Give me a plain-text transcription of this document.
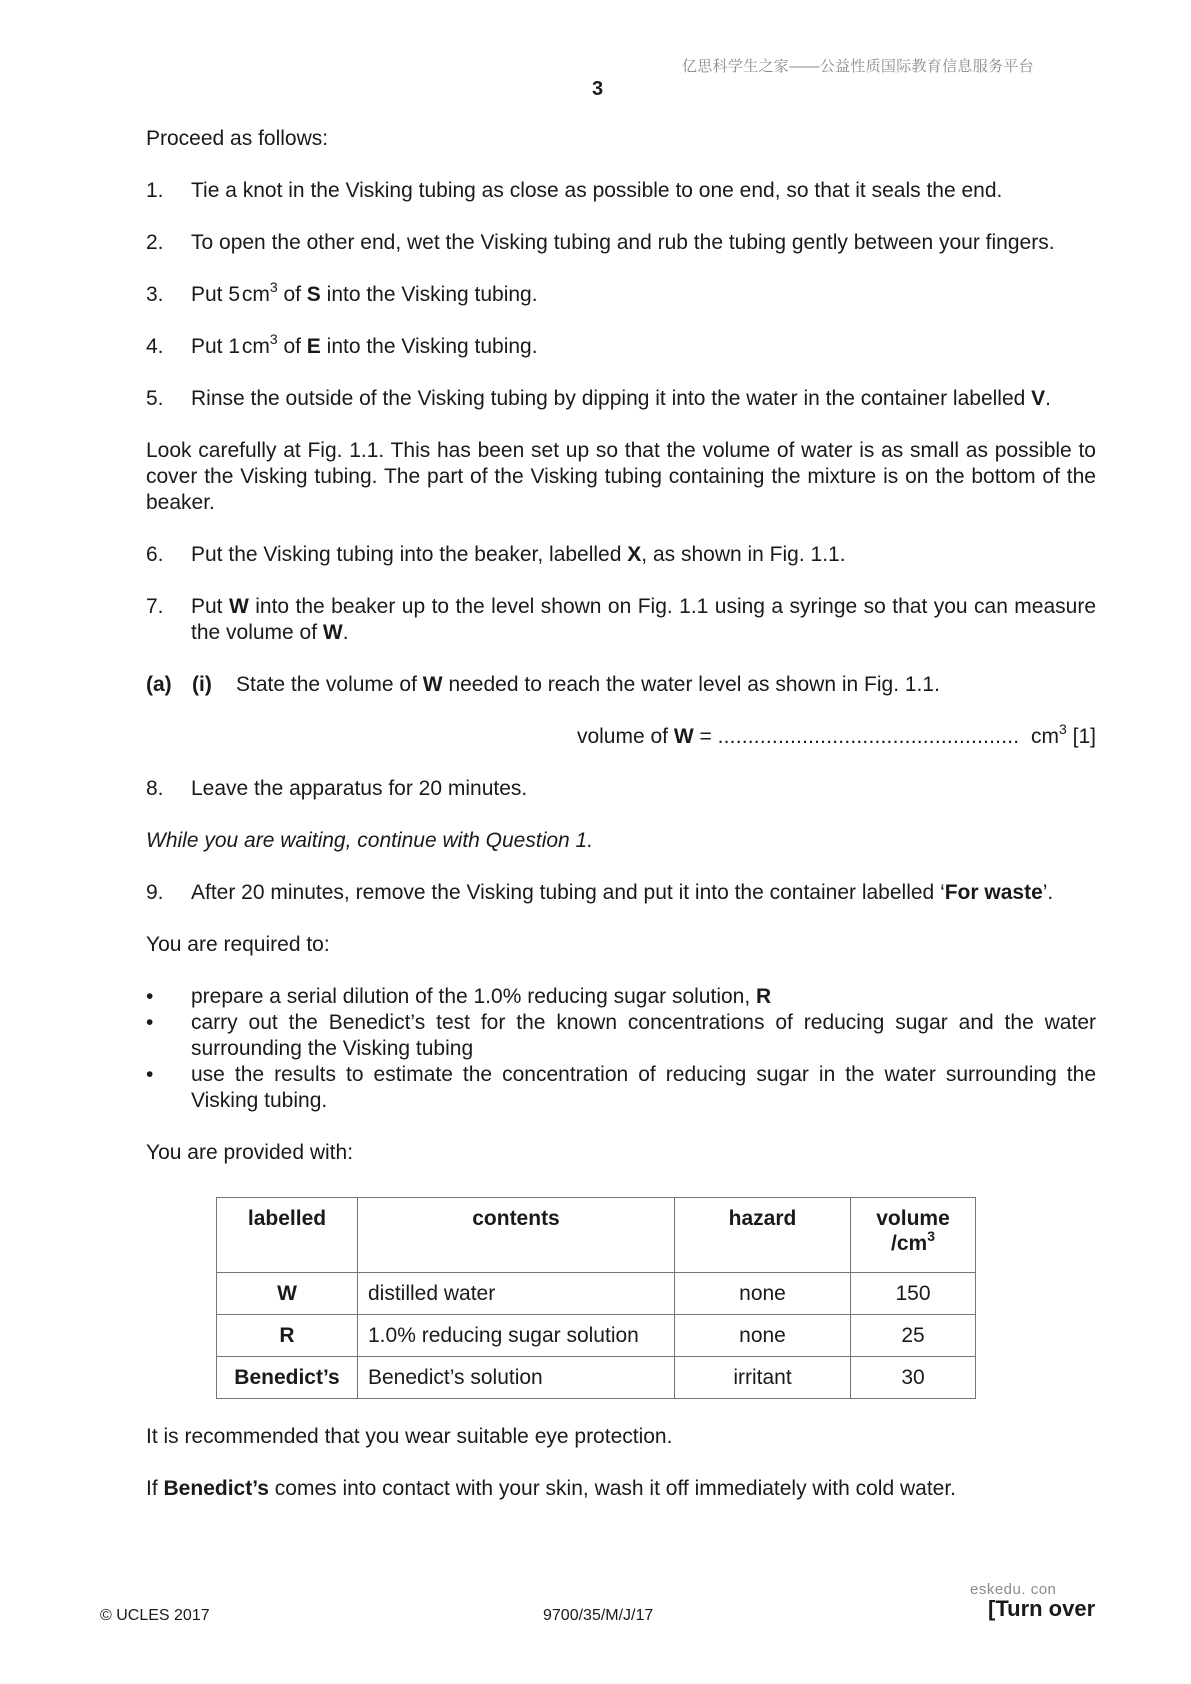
亿思科学生之家——公益性质国际教育信息服务平台
3
Proceed as follows:
1.	Tie a knot in the Visking tubing as close as possible to one end, so that it seals the end.
2.	To open the other end, wet the Visking tubing and rub the tubing gently between your fingers.
3.	Put 5 $cm^3$ of S into the Visking tubing.
4.	Put 1 $cm^3$ of E into the Visking tubing.
5.	Rinse the outside of the Visking tubing by dipping it into the water in the container labelled V.
Look carefully at Fig. 1.1. This has been set up so that the volume of water is as small as possible to cover the Visking tubing. The part of the Visking tubing containing the mixture is on the bottom of the beaker.
6.	Put the Visking tubing into the beaker, labelled X, as shown in Fig. 1.1.
7.	Put W into the beaker up to the level shown on Fig. 1.1 using a syringe so that you can measure the volume of W.
(a) (i) State the volume of W needed to reach the water level as shown in Fig. 1.1.
volume of W = .................................................. $cm^3$ [1]
8.	Leave the apparatus for 20 minutes.
While you are waiting, continue with Question 1.
9.	After 20 minutes, remove the Visking tubing and put it into the container labelled ‘For waste’.
You are required to:
• prepare a serial dilution of the 1.0% reducing sugar solution, R
• carry out the Benedict’s test for the known concentrations of reducing sugar and the water surrounding the Visking tubing
• use the results to estimate the concentration of reducing sugar in the water surrounding the Visking tubing.
You are provided with:
labelled	contents	hazard	volume
$/cm^3$
W	distilled water	none	150
R	1.0% reducing sugar solution	none	25
Benedict’s	Benedict’s solution	irritant	30
It is recommended that you wear suitable eye protection.
If Benedict’s comes into contact with your skin, wash it off immediately with cold water.
eskedu. con
© UCLES 2017	9700/35/M/J/17	[Turn over
